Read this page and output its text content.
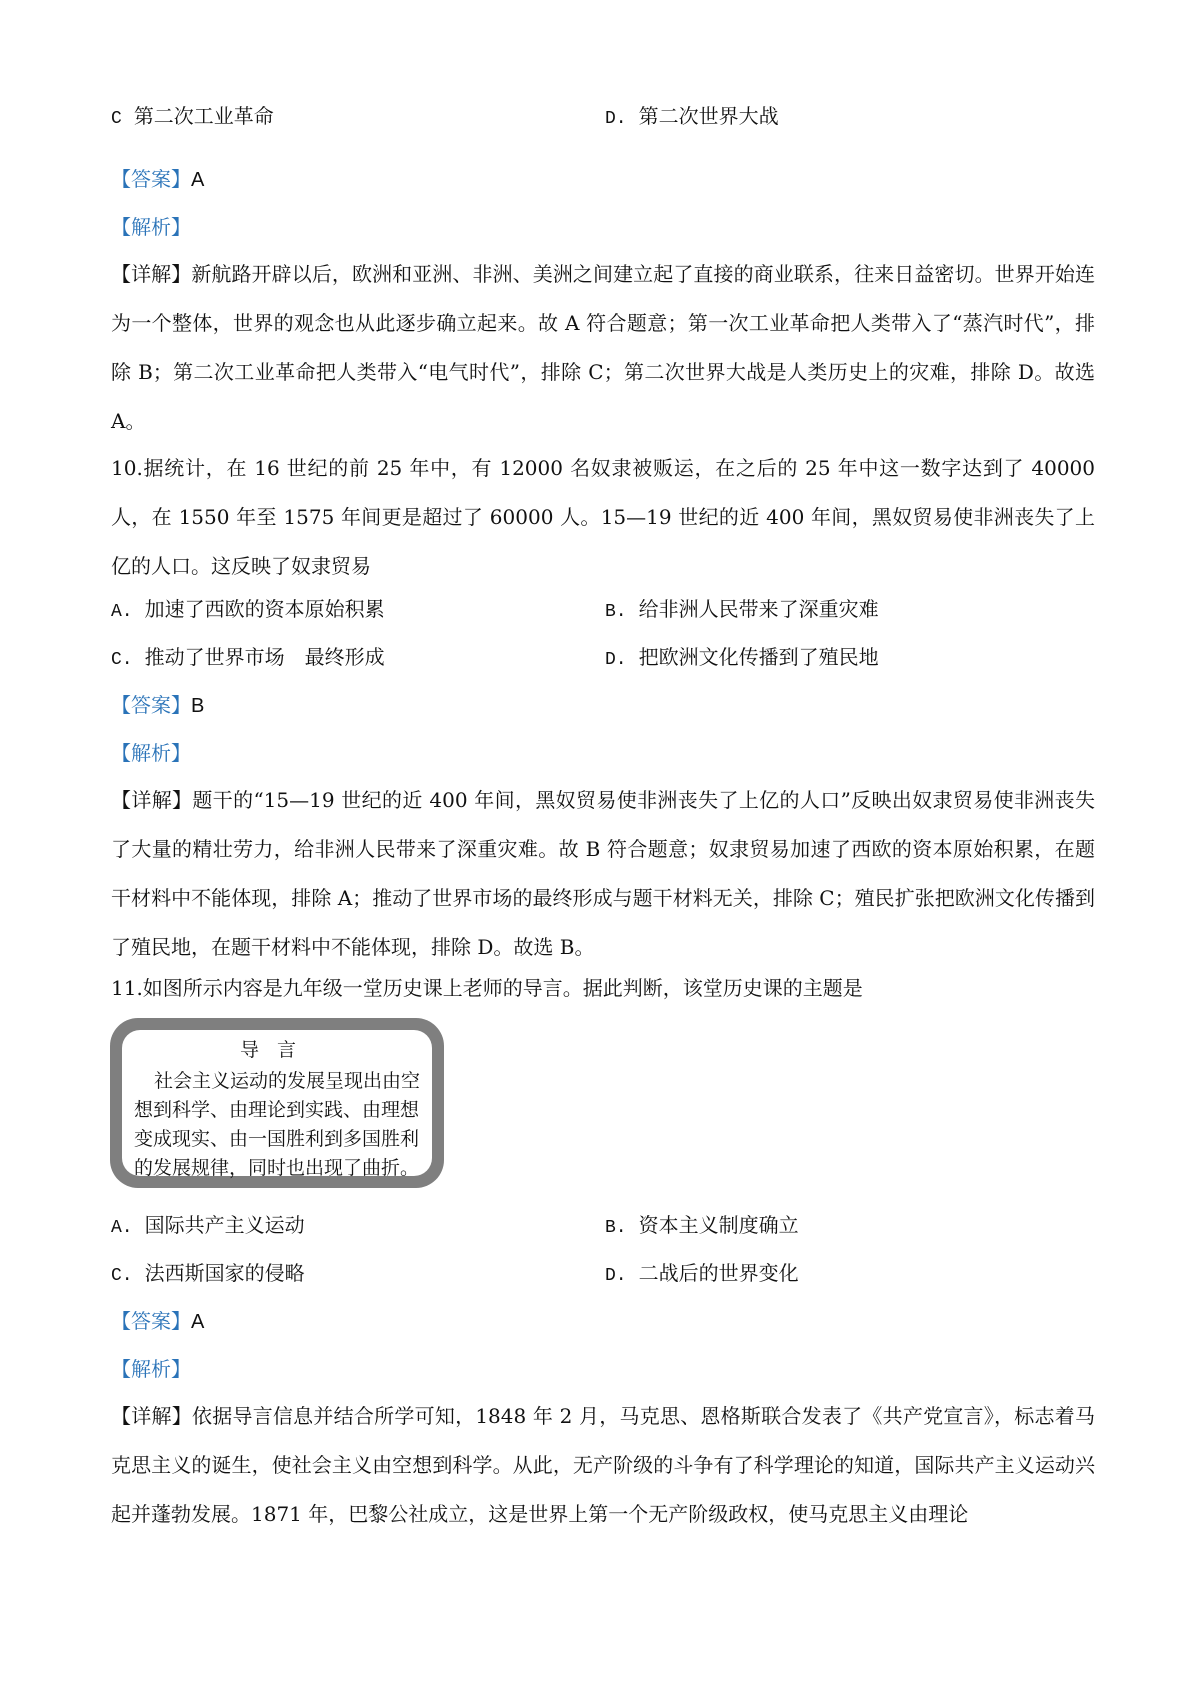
C 第二次工业革命	D. 第二次世界大战
【答案】A
【解析】
【详解】新航路开辟以后，欧洲和亚洲、非洲、美洲之间建立起了直接的商业联系，往来日益密切。世界开始连为一个整体，世界的观念也从此逐步确立起来。故 A 符合题意；第一次工业革命把人类带入了“蒸汽时代”，排除 B；第二次工业革命把人类带入“电气时代”，排除 C；第二次世界大战是人类历史上的灾难，排除 D。故选 A。
10.据统计，在 16 世纪的前 25 年中，有 12000 名奴隶被贩运，在之后的 25 年中这一数字达到了 40000 人，在 1550 年至 1575 年间更是超过了 60000 人。15—19 世纪的近 400 年间，黑奴贸易使非洲丧失了上亿的人口。这反映了奴隶贸易
A. 加速了西欧的资本原始积累	B. 给非洲人民带来了深重灾难
C. 推动了世界市场　最终形成	D. 把欧洲文化传播到了殖民地
【答案】B
【解析】
【详解】题干的“15—19 世纪的近 400 年间，黑奴贸易使非洲丧失了上亿的人口”反映出奴隶贸易使非洲丧失了大量的精壮劳力，给非洲人民带来了深重灾难。故 B 符合题意；奴隶贸易加速了西欧的资本原始积累，在题干材料中不能体现，排除 A；推动了世界市场的最终形成与题干材料无关，排除 C；殖民扩张把欧洲文化传播到了殖民地，在题干材料中不能体现，排除 D。故选 B。
11.如图所示内容是九年级一堂历史课上老师的导言。据此判断，该堂历史课的主题是
导言
社会主义运动的发展呈现出由空
想到科学、由理论到实践、由理想
变成现实、由一国胜利到多国胜利
的发展规律，同时也出现了曲折。
A. 国际共产主义运动	B. 资本主义制度确立
C. 法西斯国家的侵略	D. 二战后的世界变化
【答案】A
【解析】
【详解】依据导言信息并结合所学可知，1848 年 2 月，马克思、恩格斯联合发表了《共产党宣言》，标志着马克思主义的诞生，使社会主义由空想到科学。从此，无产阶级的斗争有了科学理论的知道，国际共产主义运动兴起并蓬勃发展。1871 年，巴黎公社成立，这是世界上第一个无产阶级政权，使马克思主义由理论
